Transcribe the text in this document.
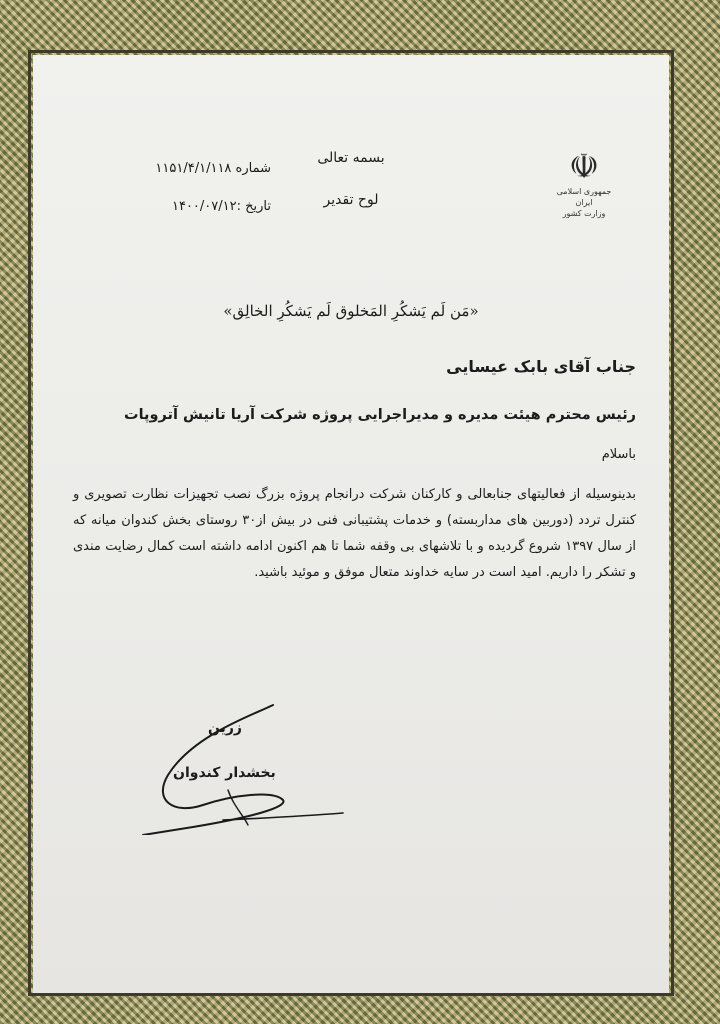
☫
جمهوری اسلامی ایران
وزارت کشور
بسمه تعالی
لوح تقدیر
شماره ۱۱۵۱/۴/۱/۱۱۸
تاریخ :۱۴۰۰/۰۷/۱۲
«مَن لَم یَشکُرِ المَخلوق لَم یَشکُرِ الخالِق»
جناب آقای بابک عیسایی
رئیس محترم هیئت مدیره و مدیراجرایی پروژه شرکت آریا تانیش آتروپات
باسلام
بدینوسیله از فعالیتهای جنابعالی و کارکنان شرکت درانجام پروژه بزرگ نصب تجهیزات نظارت تصویری و کنترل تردد (دوربین های مداربسته) و خدمات پشتیبانی فنی در بیش از۳۰ روستای بخش کندوان میانه که از سال ۱۳۹۷ شروع گردیده و با تلاشهای بی وقفه شما تا هم اکنون ادامه داشته است کمال رضایت مندی و تشکر را داریم. امید است در سایه خداوند متعال موفق و موئید باشید.
زرین
بخشدار کندوان
